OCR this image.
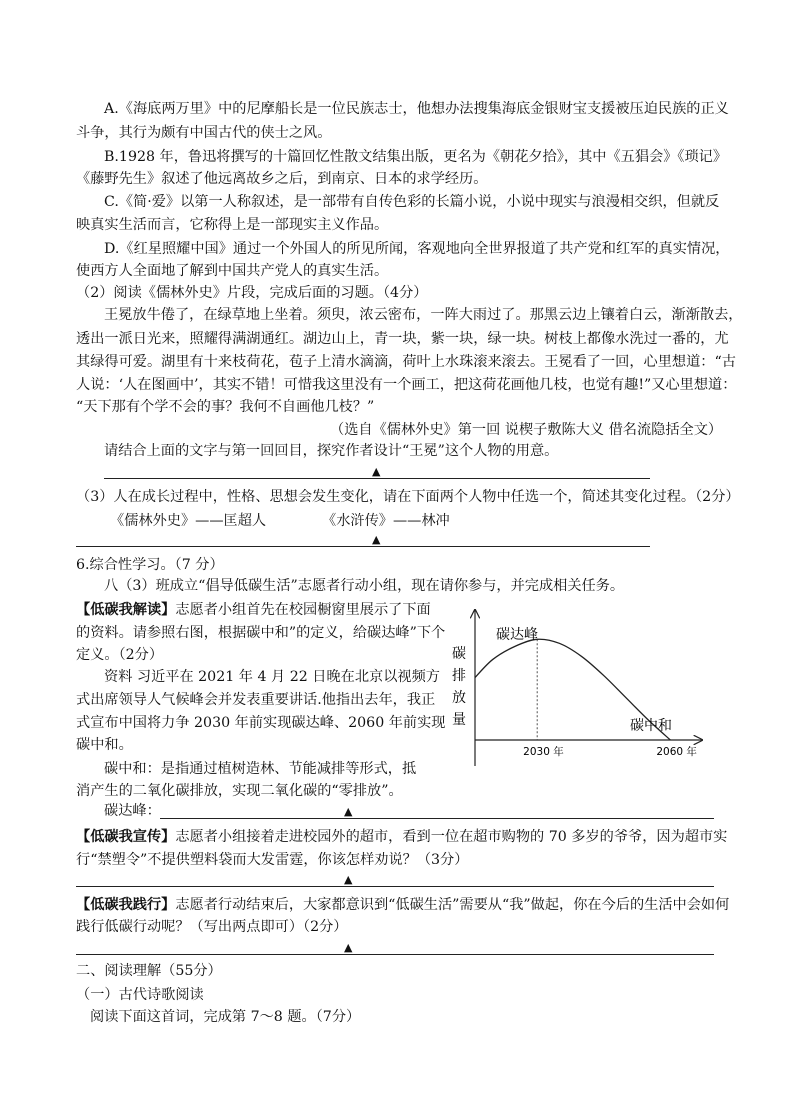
A.《海底两万里》中的尼摩船长是一位民族志士，他想办法搜集海底金银财宝支援被压迫民族的正义
斗争，其行为颇有中国古代的侠士之风。
B.1928 年，鲁迅将撰写的十篇回忆性散文结集出版，更名为《朝花夕拾》，其中《五猖会》《琐记》
《藤野先生》叙述了他远离故乡之后，到南京、日本的求学经历。
C.《简·爱》以第一人称叙述，是一部带有自传色彩的长篇小说，小说中现实与浪漫相交织，但就反
映真实生活而言，它称得上是一部现实主义作品。
D.《红星照耀中国》通过一个外国人的所见所闻，客观地向全世界报道了共产党和红军的真实情况，
使西方人全面地了解到中国共产党人的真实生活。
（2）阅读《儒林外史》片段，完成后面的习题。（4分）
王冕放牛倦了，在绿草地上坐着。须臾，浓云密布，一阵大雨过了。那黑云边上镶着白云，渐渐散去，
透出一派日光来，照耀得满湖通红。湖边山上，青一块，紫一块，绿一块。树枝上都像水洗过一番的，尤
其绿得可爱。湖里有十来枝荷花，苞子上清水滴滴，荷叶上水珠滚来滚去。王冕看了一回，心里想道：“古
人说：‘人在图画中’，其实不错！可惜我这里没有一个画工，把这荷花画他几枝，也觉有趣!”又心里想道：
“天下那有个学不会的事？我何不自画他几枝？”
（选自《儒林外史》第一回 说楔子敷陈大义 借名流隐括全文）
请结合上面的文字与第一回回目，探究作者设计“王冕”这个人物的用意。
▲
（3）人在成长过程中，性格、思想会发生变化，请在下面两个人物中任选一个，简述其变化过程。（2分）
《儒林外史》——匡超人	《水浒传》——林冲
▲
6.综合性学习。（7 分）
八（3）班成立“倡导低碳生活”志愿者行动小组，现在请你参与，并完成相关任务。
【低碳我解读】志愿者小组首先在校园橱窗里展示了下面
的资料。请参照右图，根据碳中和”的定义，给碳达峰”下个
定义。（2分）
资料 习近平在 2021 年 4 月 22 日晚在北京以视频方
式出席领导人气候峰会并发表重要讲话.他指出去年，我正
式宣布中国将力争 2030 年前实现碳达峰、2060 年前实现
碳中和。
碳中和：是指通过植树造林、节能减排等形式，抵
消产生的二氧化碳排放，实现二氧化碳的“零排放”。
碳
排
放
量
碳达峰
碳中和
2030 年	2060 年
碳达峰：	▲
【低碳我宣传】志愿者小组接着走进校园外的超市，看到一位在超市购物的 70 多岁的爷爷，因为超市实
行“禁塑令”不提供塑料袋而大发雷霆，你该怎样劝说？（3分）
▲
【低碳我践行】志愿者行动结束后，大家都意识到“低碳生活”需要从“我”做起，你在今后的生活中会如何
践行低碳行动呢？（写出两点即可）（2分）
▲
二、阅读理解（55分）
（一）古代诗歌阅读
阅读下面这首词，完成第 7～8 题。（7分）
